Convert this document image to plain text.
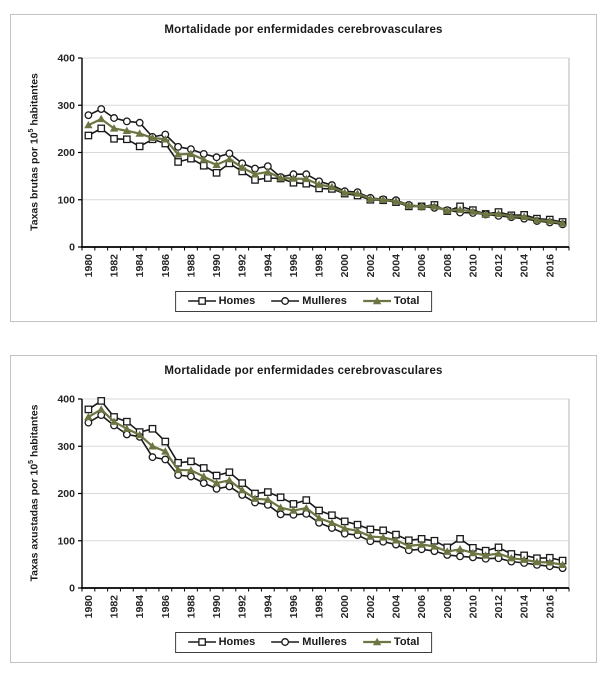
Mortalidade por enfermidades cerebrovasculares
Taxas brutas por $10^5$ habitantes
0
100
200
300
400
1980 1982 1984 1986 1988 1990 1992 1994 1996 1998 2000 2002 2004 2006 2008 2010 2012 2014 2016
Homes	Mulleres	Total
Mortalidade por enfermidades cerebrovasculares
Taxas axustadas por $10^5$ habitantes
0
100
200
300
400
1980 1982 1984 1986 1988 1990 1992 1994 1996 1998 2000 2002 2004 2006 2008 2010 2012 2014 2016
Homes	Mulleres	Total
